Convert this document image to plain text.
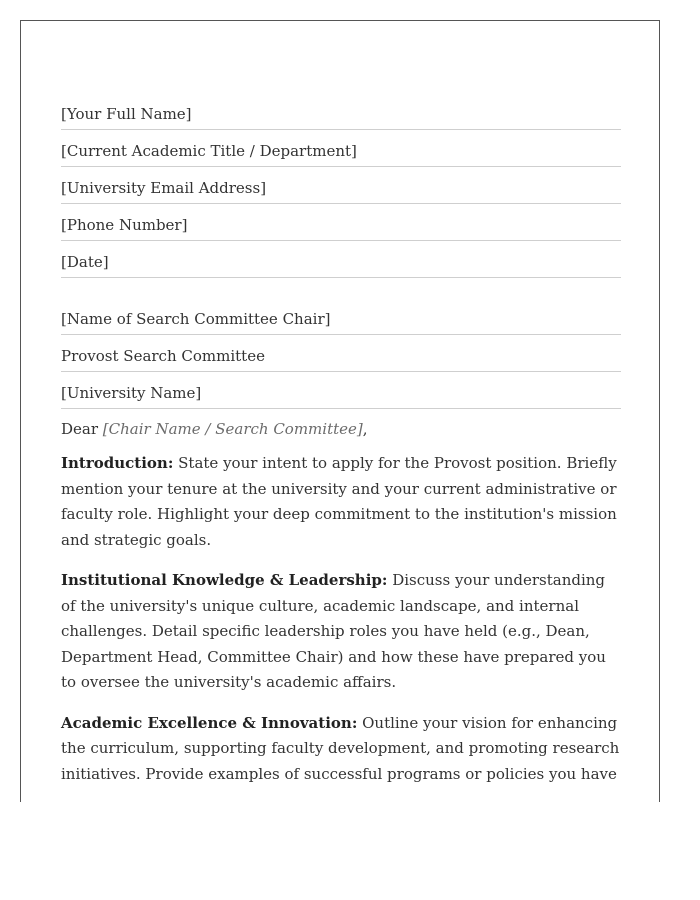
[Your Full Name]
[Current Academic Title / Department]
[University Email Address]
[Phone Number]
[Date]
[Name of Search Committee Chair]
Provost Search Committee
[University Name]
Dear [Chair Name / Search Committee],

Introduction: State your intent to apply for the Provost position. Briefly mention your tenure at the university and your current administrative or faculty role. Highlight your deep commitment to the institution's mission and strategic goals.

Institutional Knowledge & Leadership: Discuss your understanding of the university's unique culture, academic landscape, and internal challenges. Detail specific leadership roles you have held (e.g., Dean, Department Head, Committee Chair) and how these have prepared you to oversee the university's academic affairs.

Academic Excellence & Innovation: Outline your vision for enhancing the curriculum, supporting faculty development, and promoting research initiatives. Provide examples of successful programs or policies you have
